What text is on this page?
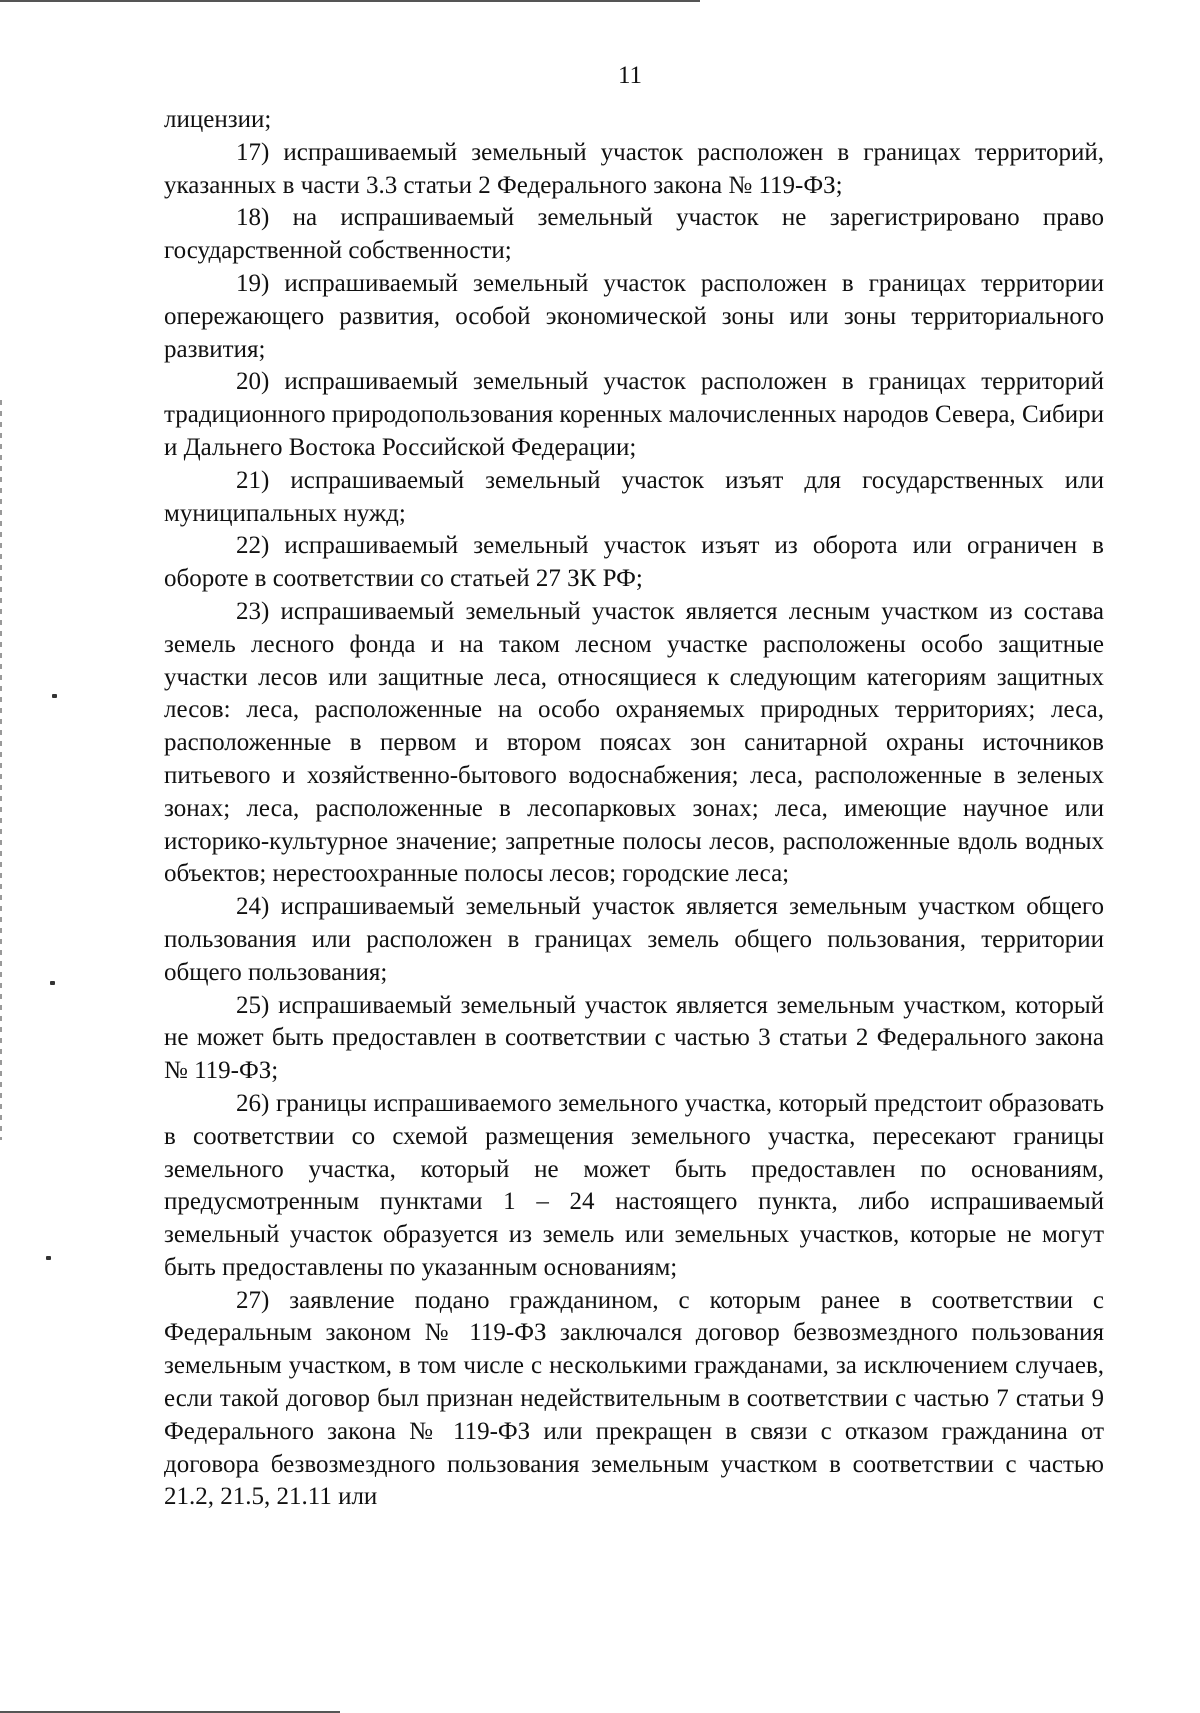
11

лицензии;

17) испрашиваемый земельный участок расположен в границах территорий, указанных в части 3.3 статьи 2 Федерального закона № 119-ФЗ;

18) на испрашиваемый земельный участок не зарегистрировано право государственной собственности;

19) испрашиваемый земельный участок расположен в границах территории опережающего развития, особой экономической зоны или зоны территориального развития;

20) испрашиваемый земельный участок расположен в границах территорий традиционного природопользования коренных малочисленных народов Севера, Сибири и Дальнего Востока Российской Федерации;

21) испрашиваемый земельный участок изъят для государственных или муниципальных нужд;

22) испрашиваемый земельный участок изъят из оборота или ограничен в обороте в соответствии со статьей 27 ЗК РФ;

23) испрашиваемый земельный участок является лесным участком из состава земель лесного фонда и на таком лесном участке расположены особо защитные участки лесов или защитные леса, относящиеся к следующим категориям защитных лесов: леса, расположенные на особо охраняемых природных территориях; леса, расположенные в первом и втором поясах зон санитарной охраны источников питьевого и хозяйственно-бытового водоснабжения; леса, расположенные в зеленых зонах; леса, расположенные в лесопарковых зонах; леса, имеющие научное или историко-культурное значение; запретные полосы лесов, расположенные вдоль водных объектов; нерестоохранные полосы лесов; городские леса;

24) испрашиваемый земельный участок является земельным участком общего пользования или расположен в границах земель общего пользования, территории общего пользования;

25) испрашиваемый земельный участок является земельным участком, который не может быть предоставлен в соответствии с частью 3 статьи 2 Федерального закона № 119-ФЗ;

26) границы испрашиваемого земельного участка, который предстоит образовать в соответствии со схемой размещения земельного участка, пересекают границы земельного участка, который не может быть предоставлен по основаниям, предусмотренным пунктами 1 – 24 настоящего пункта, либо испрашиваемый земельный участок образуется из земель или земельных участков, которые не могут быть предоставлены по указанным основаниям;

27) заявление подано гражданином, с которым ранее в соответствии с Федеральным законом № 119-ФЗ заключался договор безвозмездного пользования земельным участком, в том числе с несколькими гражданами, за исключением случаев, если такой договор был признан недействительным в соответствии с частью 7 статьи 9 Федерального закона № 119-ФЗ или прекращен в связи с отказом гражданина от договора безвозмездного пользования земельным участком в соответствии с частью 21.2, 21.5, 21.11 или
